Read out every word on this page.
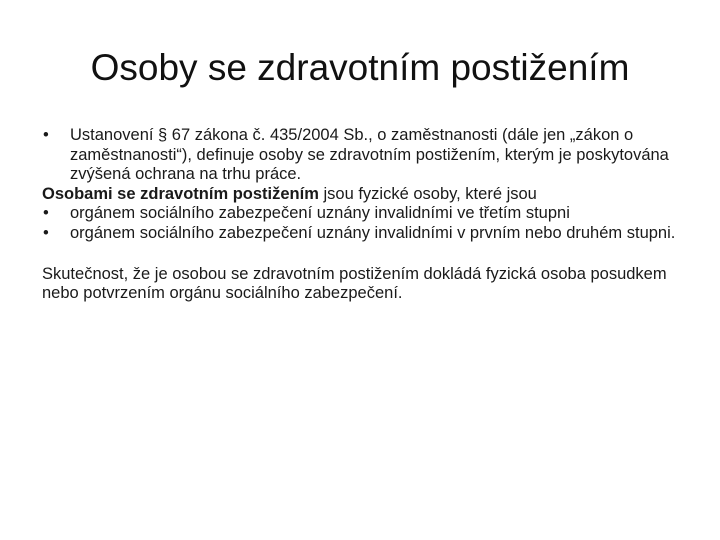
Osoby se zdravotním postižením
• Ustanovení § 67 zákona č. 435/2004 Sb., o zaměstnanosti (dále jen „zákon o zaměstnanosti“), definuje osoby se zdravotním postižením, kterým je poskytována zvýšená ochrana na trhu práce.

Osobami se zdravotním postižením jsou fyzické osoby, které jsou

• orgánem sociálního zabezpečení uznány invalidními ve třetím stupni
• orgánem sociálního zabezpečení uznány invalidními v prvním nebo druhém stupni.

Skutečnost, že je osobou se zdravotním postižením dokládá fyzická osoba posudkem nebo potvrzením orgánu sociálního zabezpečení.
